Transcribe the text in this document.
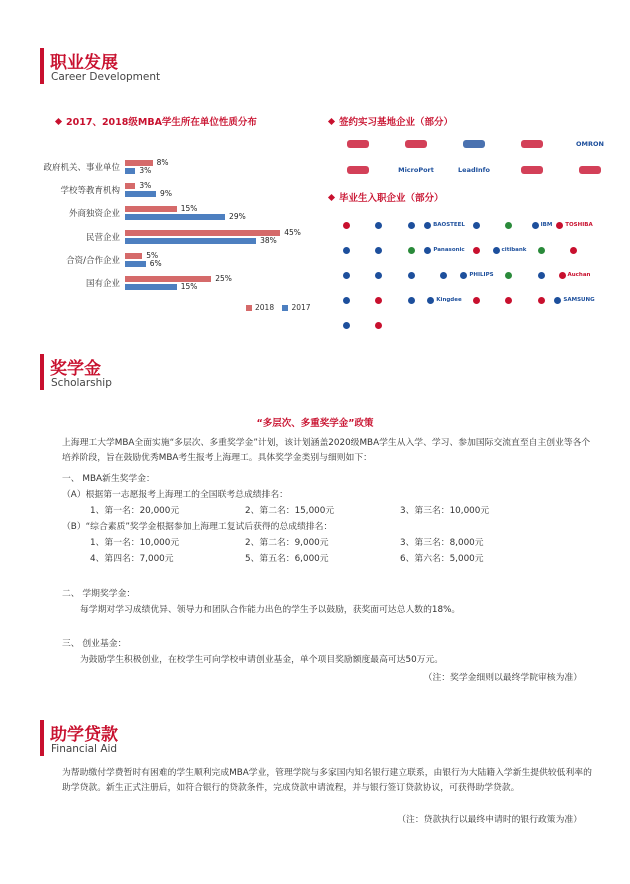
职业发展
Career Development
2017、2018级MBA学生所在单位性质分布
政府机关、事业单位
8%
3%
学校等教育机构
3%
9%
外商独资企业
15%
29%
民营企业
45%
38%
合资/合作企业
5%
6%
国有企业
25%
15%
2018 2017
签约实习基地企业（部分）
OMRON
MicroPort	LeadInfo
毕业生入职企业（部分）
BAOSTEEL	IBM TOSHIBA
Panasonic	citibank
PHILIPS	Auchan
Kingdee	SAMSUNG
奖学金
Scholarship
“多层次、多重奖学金”政策
上海理工大学MBA全面实施“多层次、多重奖学金”计划，该计划涵盖2020级MBA学生从入学、学习、参加国际交流直至自主创业等各个培养阶段，旨在鼓励优秀MBA考生报考上海理工。具体奖学金类别与细则如下：
一、 MBA新生奖学金：
（A）根据第一志愿报考上海理工的全国联考总成绩排名：
1、第一名：20,000元	2、第二名：15,000元	3、第三名：10,000元
（B）“综合素质”奖学金根据参加上海理工复试后获得的总成绩排名：
1、第一名：10,000元	2、第二名：9,000元	3、第三名：8,000元
4、第四名：7,000元	5、第五名：6,000元	6、第六名：5,000元
二、 学期奖学金：
每学期对学习成绩优异、领导力和团队合作能力出色的学生予以鼓励，获奖面可达总人数的18%。
三、 创业基金：
为鼓励学生积极创业，在校学生可向学校申请创业基金，单个项目奖励额度最高可达50万元。
（注：奖学金细则以最终学院审核为准）
助学贷款
Financial Aid
为帮助缴付学费暂时有困难的学生顺利完成MBA学业，管理学院与多家国内知名银行建立联系，由银行为大陆籍入学新生提供较低利率的助学贷款。新生正式注册后，如符合银行的贷款条件，完成贷款申请流程，并与银行签订贷款协议，可获得助学贷款。
（注：贷款执行以最终申请时的银行政策为准）
